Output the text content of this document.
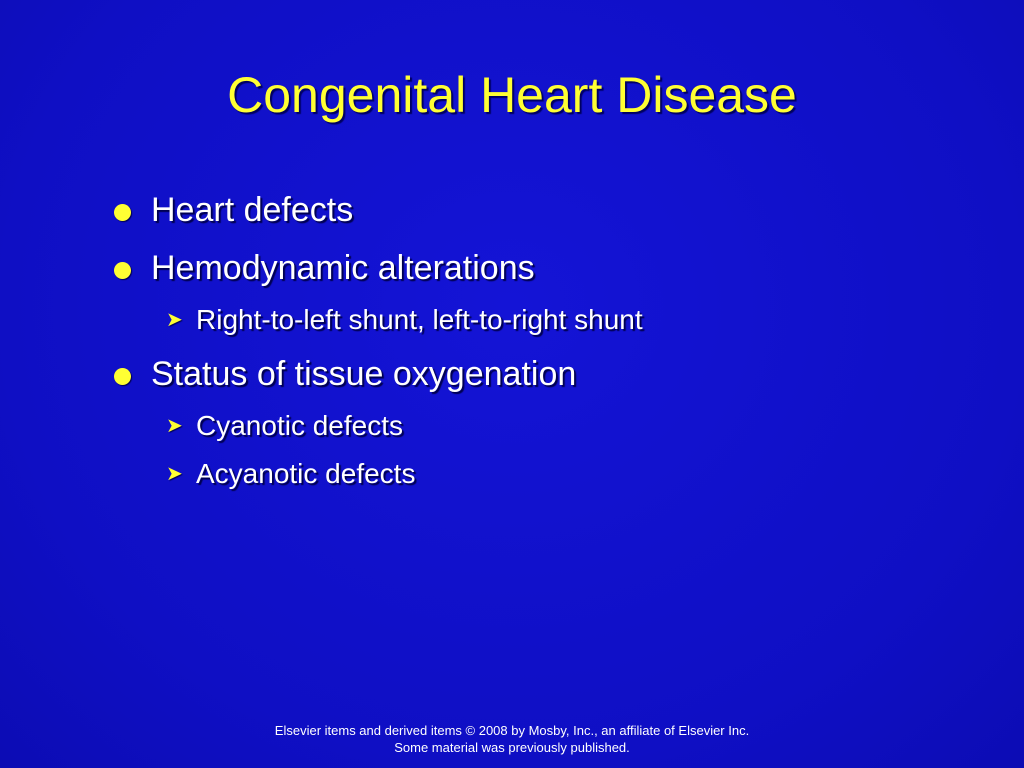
Congenital Heart Disease
Heart defects
Hemodynamic alterations
➤ Right-to-left shunt, left-to-right shunt
Status of tissue oxygenation
➤ Cyanotic defects
➤ Acyanotic defects
Elsevier items and derived items © 2008 by Mosby, Inc., an affiliate of Elsevier Inc.
Some material was previously published.
